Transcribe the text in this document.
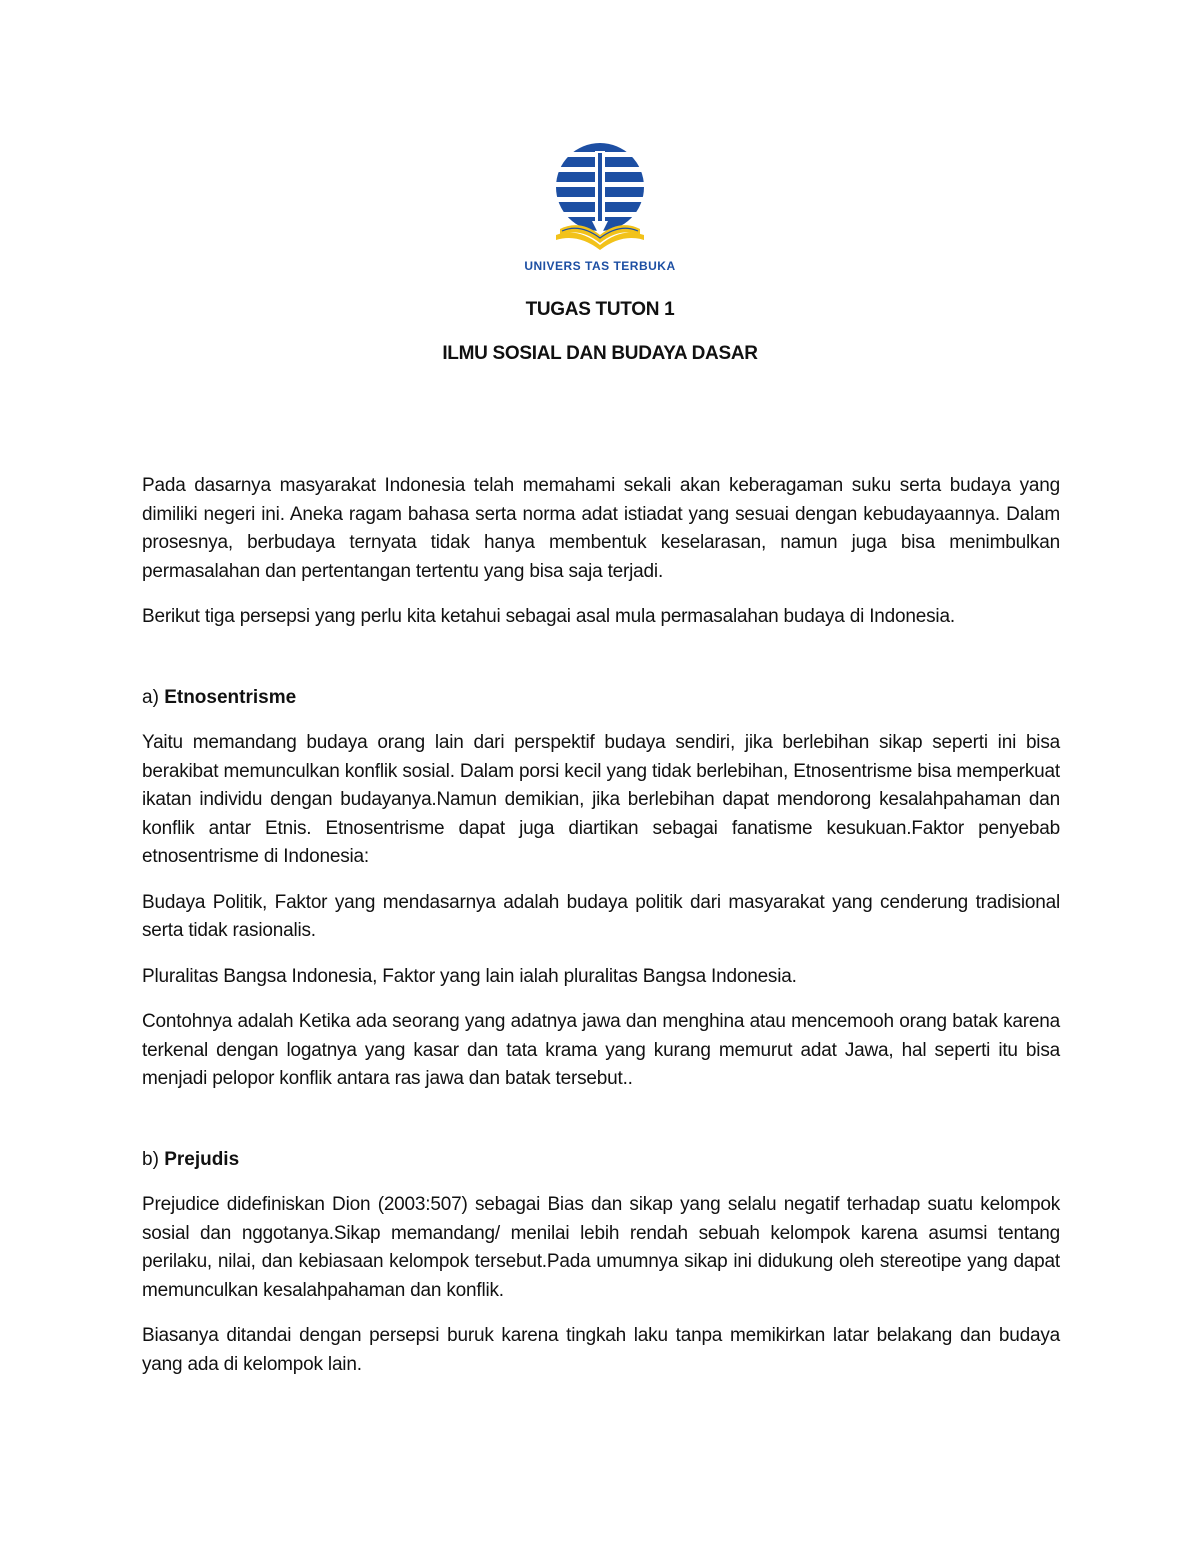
UNIVERS TAS TERBUKA
TUGAS TUTON 1
ILMU SOSIAL DAN BUDAYA DASAR

Pada dasarnya masyarakat Indonesia telah memahami sekali akan keberagaman suku serta budaya yang dimiliki negeri ini. Aneka ragam bahasa serta norma adat istiadat yang sesuai dengan kebudayaannya. Dalam prosesnya, berbudaya ternyata tidak hanya membentuk keselarasan, namun juga bisa menimbulkan permasalahan dan pertentangan tertentu yang bisa saja terjadi.

Berikut tiga persepsi yang perlu kita ketahui sebagai asal mula permasalahan budaya di Indonesia.

a) Etnosentrisme

Yaitu memandang budaya orang lain dari perspektif budaya sendiri, jika berlebihan sikap seperti ini bisa berakibat memunculkan konflik sosial. Dalam porsi kecil yang tidak berlebihan, Etnosentrisme bisa memperkuat ikatan individu dengan budayanya.Namun demikian, jika berlebihan dapat mendorong kesalahpahaman dan konflik antar Etnis. Etnosentrisme dapat juga diartikan sebagai fanatisme kesukuan.Faktor penyebab etnosentrisme di Indonesia:

Budaya Politik, Faktor yang mendasarnya adalah budaya politik dari masyarakat yang cenderung tradisional serta tidak rasionalis.

Pluralitas Bangsa Indonesia, Faktor yang lain ialah pluralitas Bangsa Indonesia.

Contohnya adalah Ketika ada seorang yang adatnya jawa dan menghina atau mencemooh orang batak karena terkenal dengan logatnya yang kasar dan tata krama yang kurang memurut adat Jawa, hal seperti itu bisa menjadi pelopor konflik antara ras jawa dan batak tersebut..

b) Prejudis

Prejudice didefiniskan Dion (2003:507) sebagai Bias dan sikap yang selalu negatif terhadap suatu kelompok sosial dan nggotanya.Sikap memandang/ menilai lebih rendah sebuah kelompok karena asumsi tentang perilaku, nilai, dan kebiasaan kelompok tersebut.Pada umumnya sikap ini didukung oleh stereotipe yang dapat memunculkan kesalahpahaman dan konflik.

Biasanya ditandai dengan persepsi buruk karena tingkah laku tanpa memikirkan latar belakang dan budaya yang ada di kelompok lain.
